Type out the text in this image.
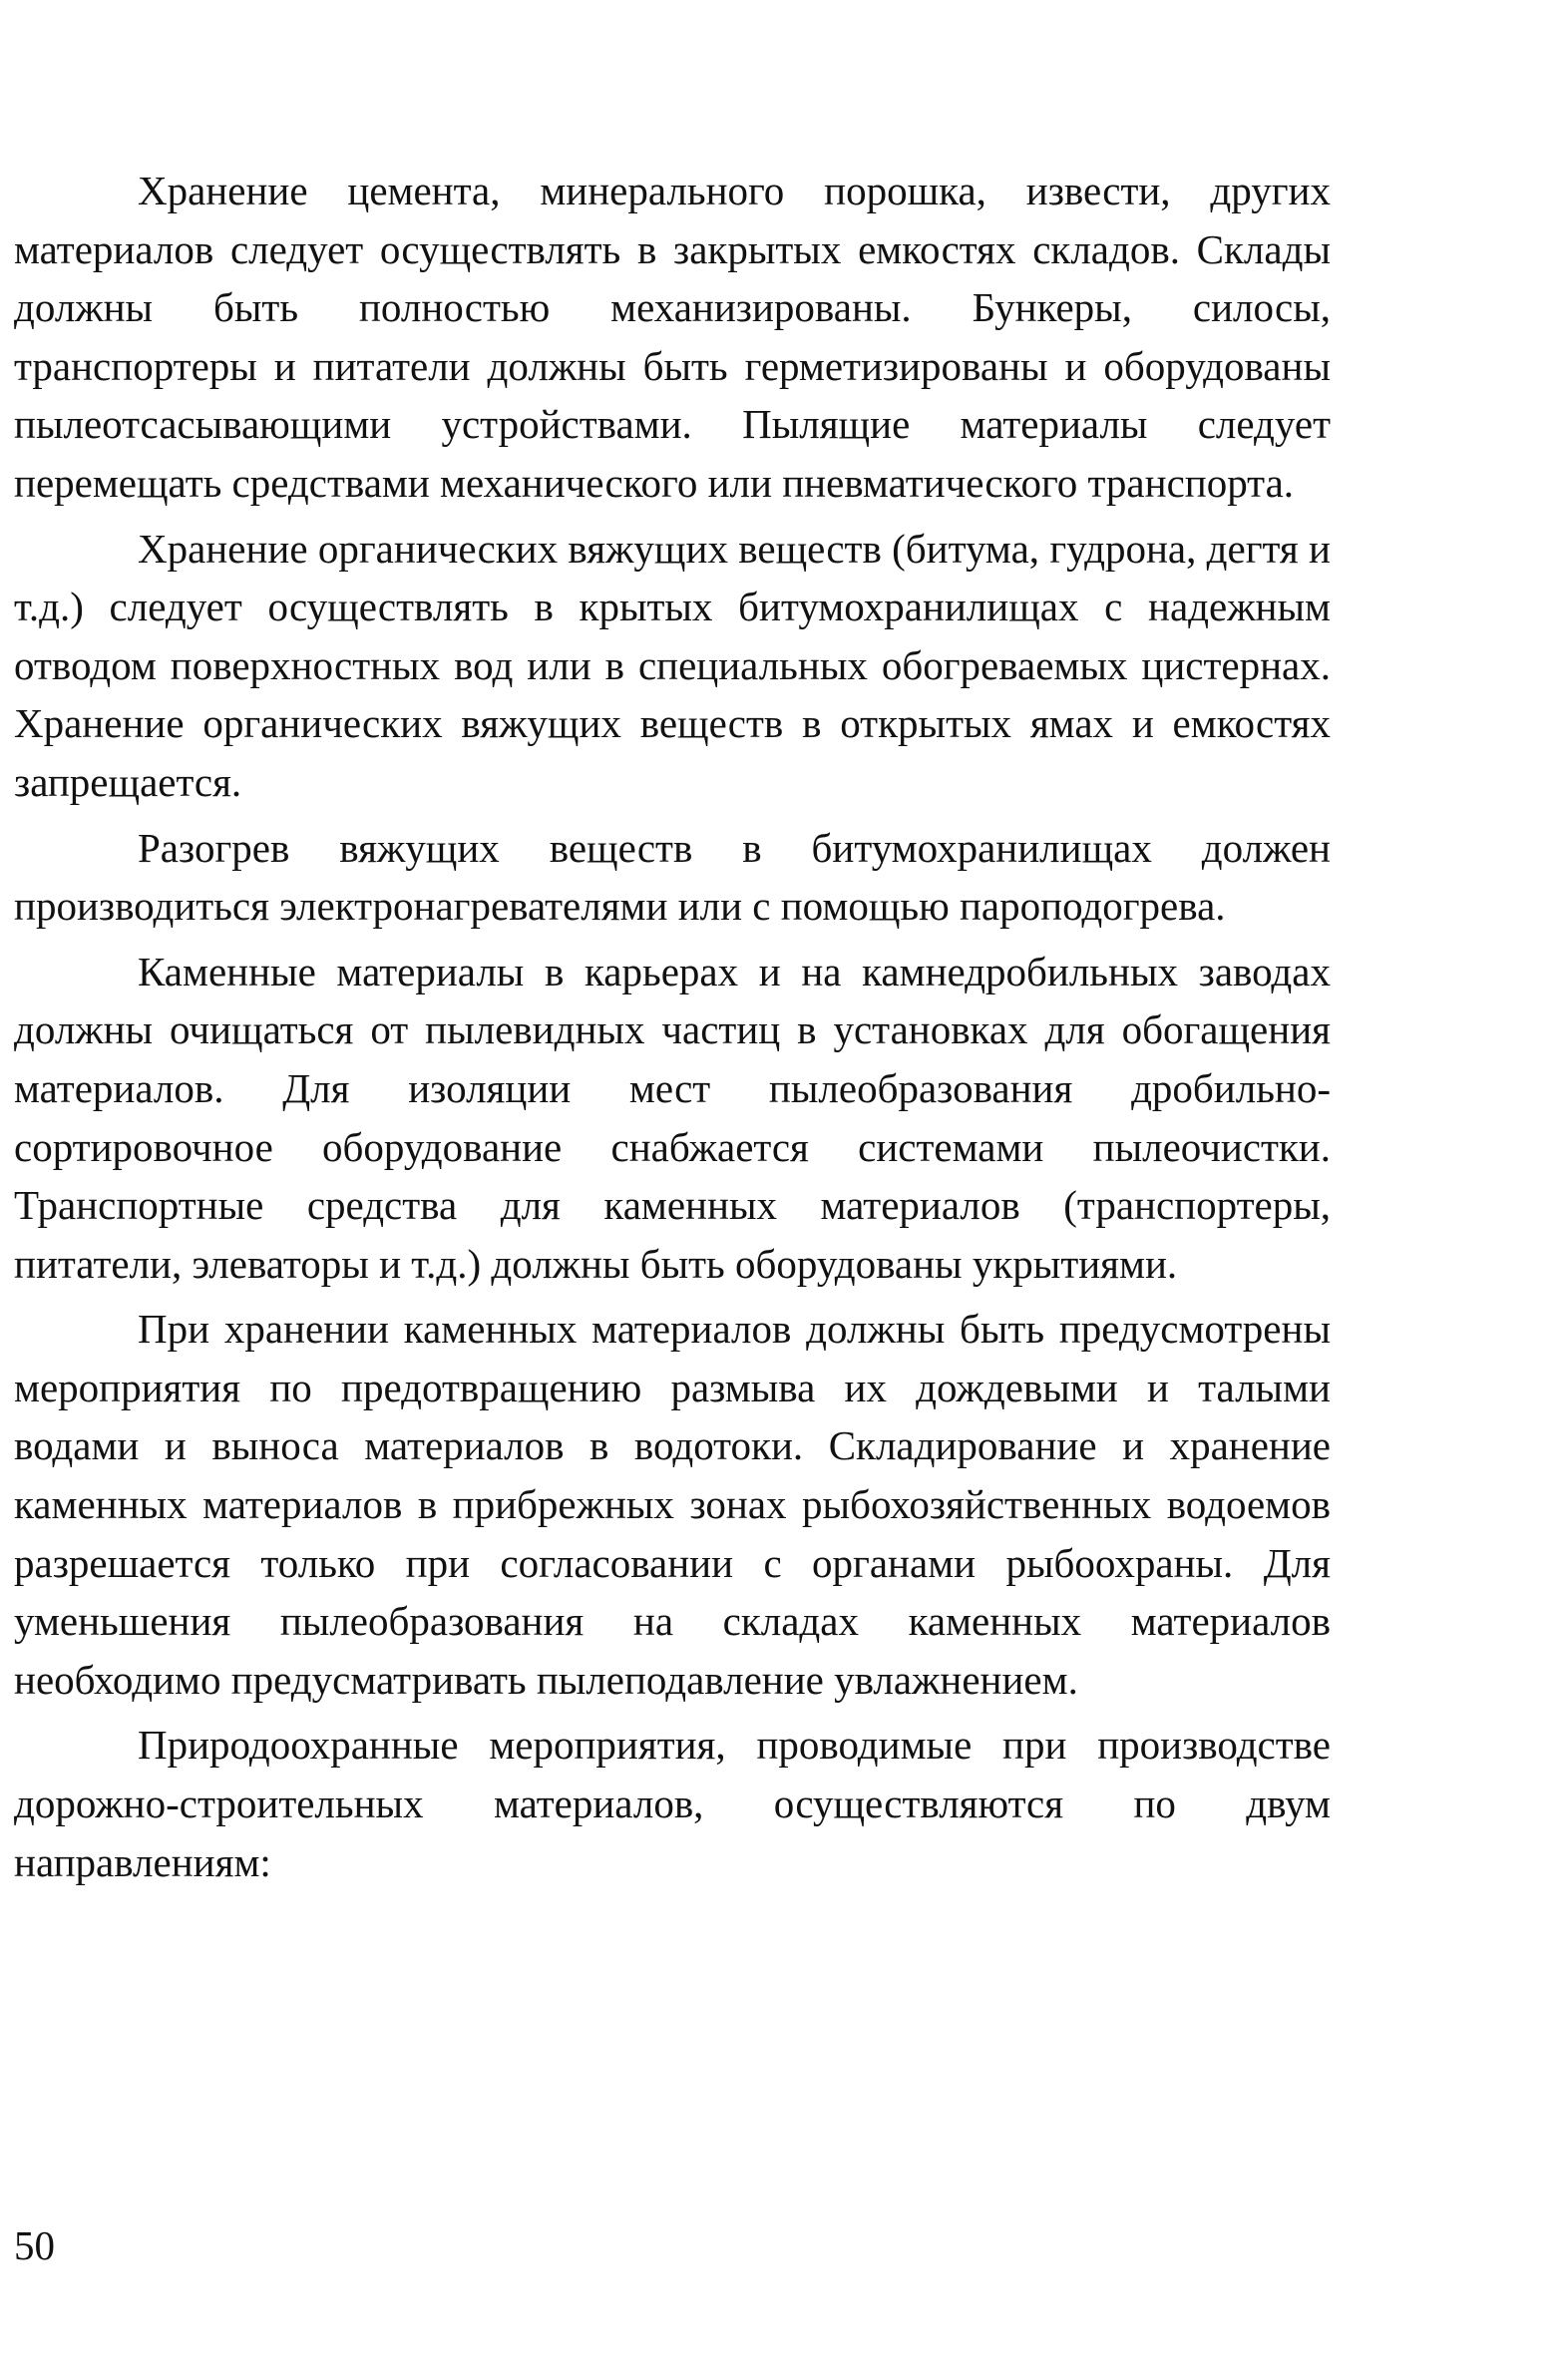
Хранение цемента, минерального порошка, извести, других материалов следует осуществлять в закрытых емкостях складов. Склады должны быть полностью механизированы. Бункеры, силосы, транспортеры и питатели должны быть герметизированы и оборудованы пылеотсасывающими устройствами. Пылящие материалы следует перемещать средствами механического или пневматического транспорта.

Хранение органических вяжущих веществ (битума, гудрона, дегтя и т.д.) следует осуществлять в крытых битумохранилищах с надежным отводом поверхностных вод или в специальных обогреваемых цистернах. Хранение органических вяжущих веществ в открытых ямах и емкостях запрещается.

Разогрев вяжущих веществ в битумохранилищах должен производиться электронагревателями или с помощью пароподогрева.

Каменные материалы в карьерах и на камнедробильных заводах должны очищаться от пылевидных частиц в установках для обогащения материалов. Для изоляции мест пылеобразования дробильно-сортировочное оборудование снабжается системами пылеочистки. Транспортные средства для каменных материалов (транспортеры, питатели, элеваторы и т.д.) должны быть оборудованы укрытиями.

При хранении каменных материалов должны быть предусмотрены мероприятия по предотвращению размыва их дождевыми и талыми водами и выноса материалов в водотоки. Складирование и хранение каменных материалов в прибрежных зонах рыбохозяйственных водоемов разрешается только при согласовании с органами рыбоохраны. Для уменьшения пылеобразования на складах каменных материалов необходимо предусматривать пылеподавление увлажнением.

Природоохранные мероприятия, проводимые при производстве дорожно-строительных материалов, осуществляются по двум направлениям:

50
